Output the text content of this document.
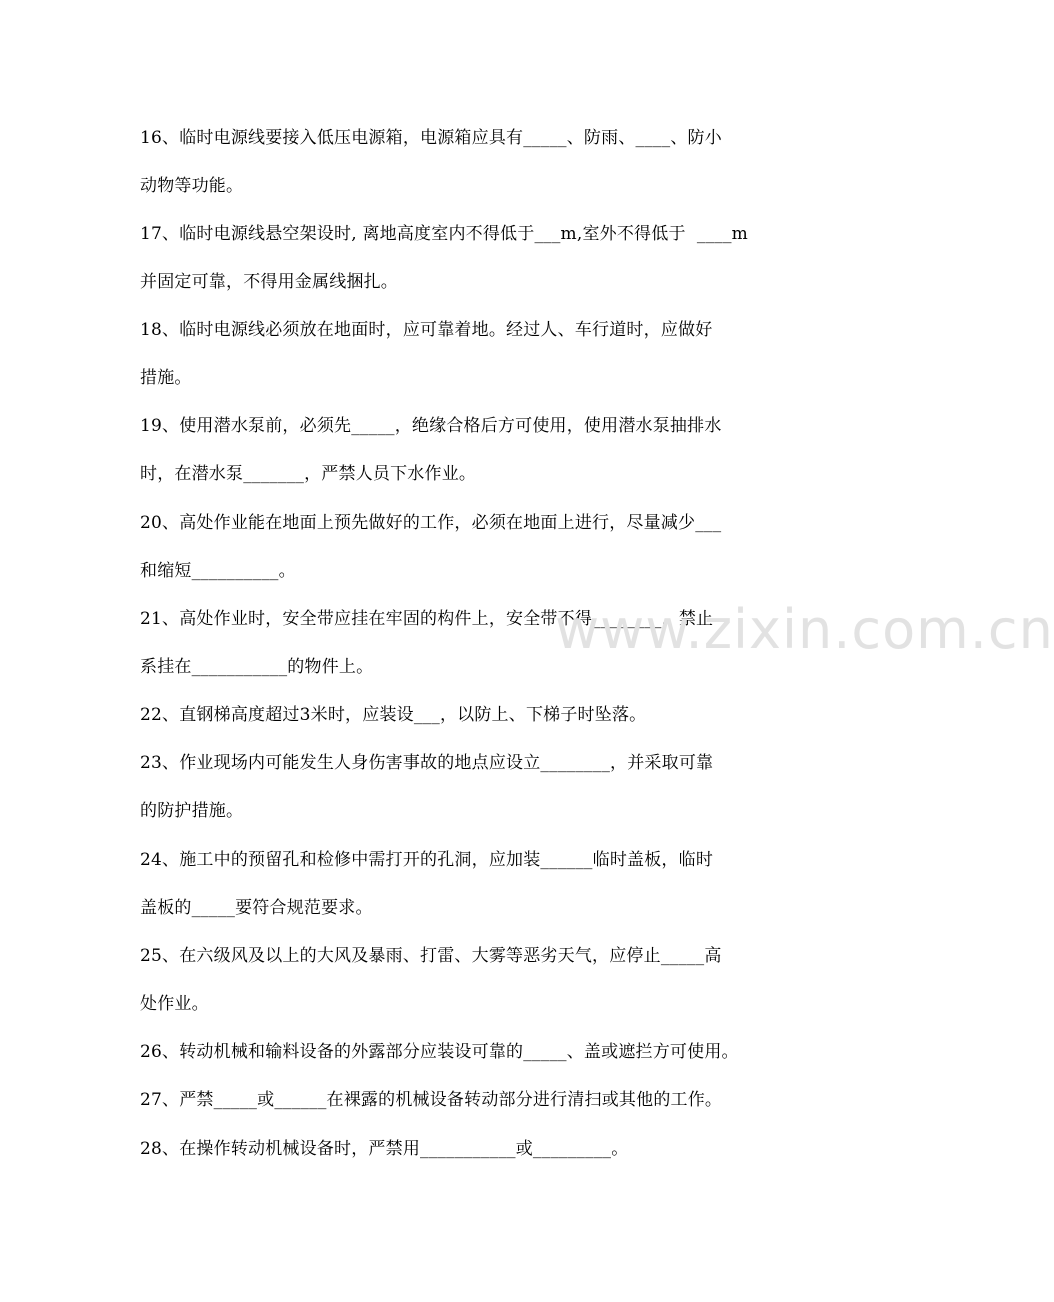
16、临时电源线要接入低压电源箱，电源箱应具有_____、防雨、____、防小
动物等功能。
17、临时电源线悬空架设时, 离地高度室内不得低于___m,室外不得低于  ____m
并固定可靠，不得用金属线捆扎。
18、临时电源线必须放在地面时，应可靠着地。经过人、车行道时，应做好
措施。
19、使用潜水泵前，必须先_____，绝缘合格后方可使用，使用潜水泵抽排水
时，在潜水泵_______，严禁人员下水作业。
20、高处作业能在地面上预先做好的工作，必须在地面上进行，尽量减少___
和缩短__________。
21、高处作业时，安全带应挂在牢固的构件上，安全带不得________，禁止
系挂在___________的物件上。
22、直钢梯高度超过3米时，应装设___，以防上、下梯子时坠落。
23、作业现场内可能发生人身伤害事故的地点应设立________，并采取可靠
的防护措施。
24、施工中的预留孔和检修中需打开的孔洞，应加装______临时盖板，临时
盖板的_____要符合规范要求。
25、在六级风及以上的大风及暴雨、打雷、大雾等恶劣天气，应停止_____高
处作业。
26、转动机械和输料设备的外露部分应装设可靠的_____、盖或遮拦方可使用。
27、严禁_____或______在裸露的机械设备转动部分进行清扫或其他的工作。
28、在操作转动机械设备时，严禁用___________或_________。
www.zixin.com.cn
